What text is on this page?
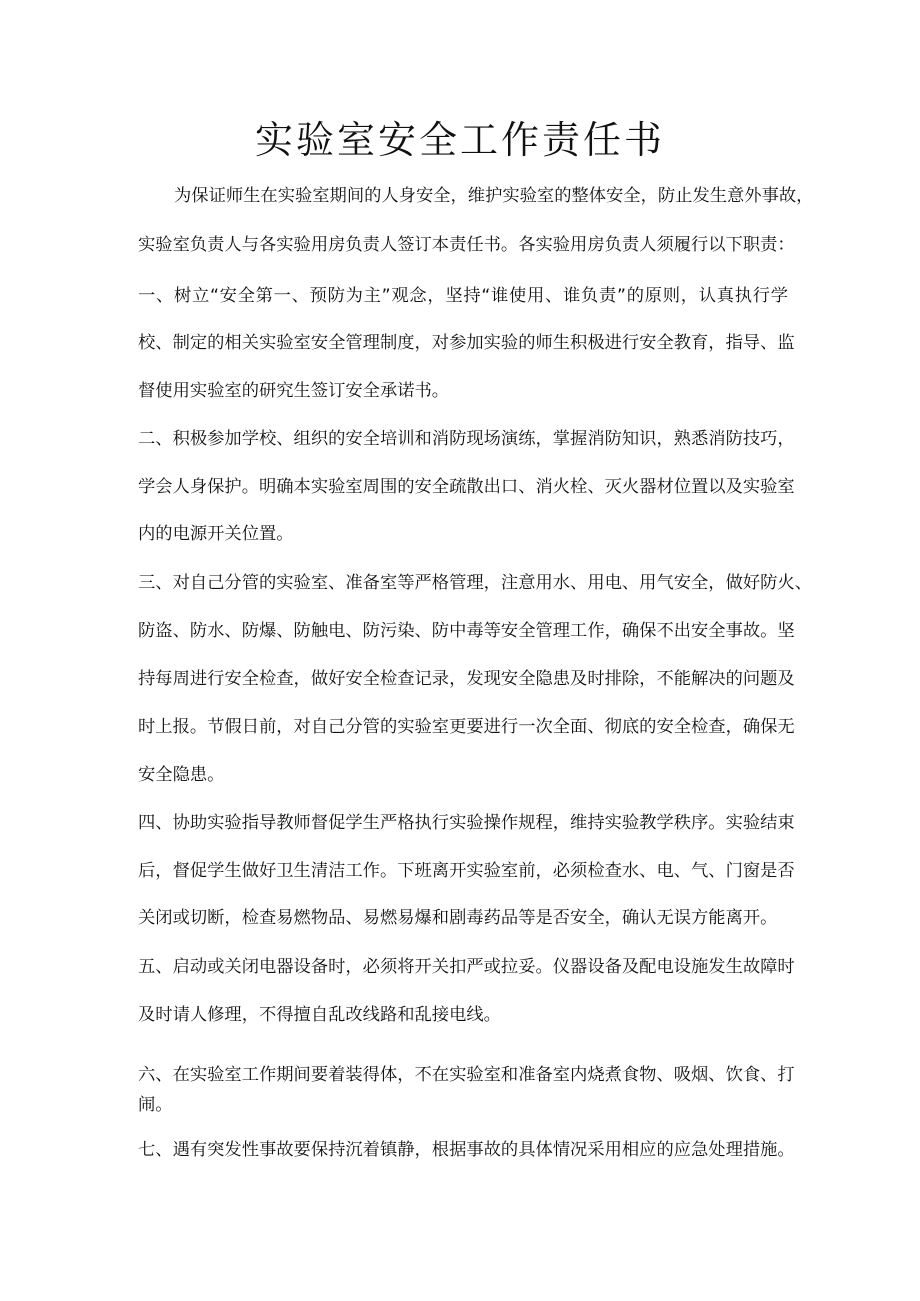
实验室安全工作责任书
为保证师生在实验室期间的人身安全，维护实验室的整体安全，防止发生意外事故，
实验室负责人与各实验用房负责人签订本责任书。各实验用房负责人须履行以下职责：
一、树立“安全第一、预防为主”观念，坚持“谁使用、谁负责”的原则，认真执行学
校、制定的相关实验室安全管理制度，对参加实验的师生积极进行安全教育，指导、监
督使用实验室的研究生签订安全承诺书。
二、积极参加学校、组织的安全培训和消防现场演练，掌握消防知识，熟悉消防技巧，
学会人身保护。明确本实验室周围的安全疏散出口、消火栓、灭火器材位置以及实验室
内的电源开关位置。
三、对自己分管的实验室、准备室等严格管理，注意用水、用电、用气安全，做好防火、
防盗、防水、防爆、防触电、防污染、防中毒等安全管理工作，确保不出安全事故。坚
持每周进行安全检查，做好安全检查记录，发现安全隐患及时排除，不能解决的问题及
时上报。节假日前，对自己分管的实验室更要进行一次全面、彻底的安全检查，确保无
安全隐患。
四、协助实验指导教师督促学生严格执行实验操作规程，维持实验教学秩序。实验结束
后，督促学生做好卫生清洁工作。下班离开实验室前，必须检查水、电、气、门窗是否
关闭或切断，检查易燃物品、易燃易爆和剧毒药品等是否安全，确认无误方能离开。
五、启动或关闭电器设备时，必须将开关扣严或拉妥。仪器设备及配电设施发生故障时
及时请人修理，不得擅自乱改线路和乱接电线。
六、在实验室工作期间要着装得体，不在实验室和准备室内烧煮食物、吸烟、饮食、打
闹。
七、遇有突发性事故要保持沉着镇静，根据事故的具体情况采用相应的应急处理措施。
